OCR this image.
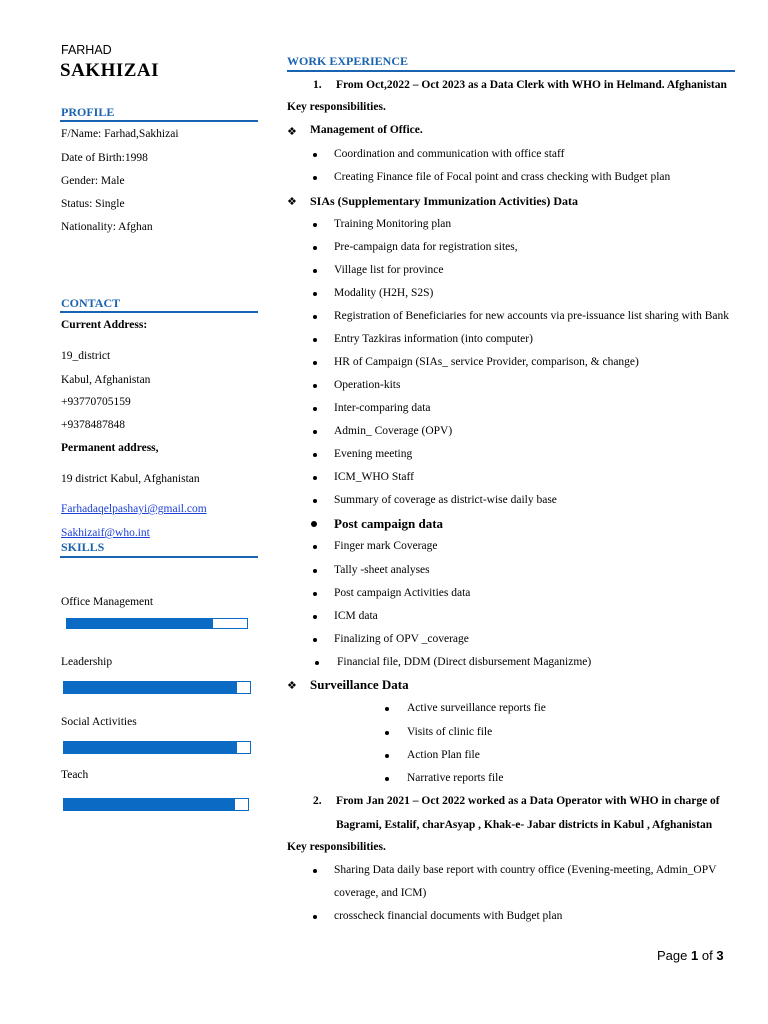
FARHAD
SAKHIZAI
PROFILE
F/Name: Farhad,Sakhizai
Date of Birth:1998
Gender: Male
Status: Single
Nationality: Afghan
CONTACT
Current Address:
19_district
Kabul, Afghanistan
+93770705159
+9378487848
Permanent address,
19 district Kabul, Afghanistan
Farhadaqelpashayi@gmail.com
Sakhizaif@who.int
SKILLS
Office Management
Leadership
Social Activities
Teach
WORK EXPERIENCE
1. From Oct,2022 – Oct 2023 as a Data Clerk with WHO in Helmand. Afghanistan
Key responsibilities.
❖ Management of Office.
Coordination and communication with office staff
Creating Finance file of Focal point and crass checking with Budget plan
❖ SIAs (Supplementary Immunization Activities) Data
Training Monitoring plan
Pre-campaign data for registration sites,
Village list for province
Modality (H2H, S2S)
Registration of Beneficiaries for new accounts via pre-issuance list sharing with Bank
Entry Tazkiras information (into computer)
HR of Campaign (SIAs_ service Provider, comparison, & change)
Operation-kits
Inter-comparing data
Admin_ Coverage (OPV)
Evening meeting
ICM_WHO Staff
Summary of coverage as district-wise daily base
Post campaign data
Finger mark Coverage
Tally -sheet analyses
Post campaign Activities data
ICM data
Finalizing of OPV _coverage
Financial file, DDM (Direct disbursement Maganizme)
❖ Surveillance Data
Active surveillance reports fie
Visits of clinic file
Action Plan file
Narrative reports file
2. From Jan 2021 – Oct 2022 worked as a Data Operator with WHO in charge of
Bagrami, Estalif, charAsyap , Khak-e- Jabar districts in Kabul , Afghanistan
Key responsibilities.
Sharing Data daily base report with country office (Evening-meeting, Admin_OPV
coverage, and ICM)
crosscheck financial documents with Budget plan
Page 1 of 3
